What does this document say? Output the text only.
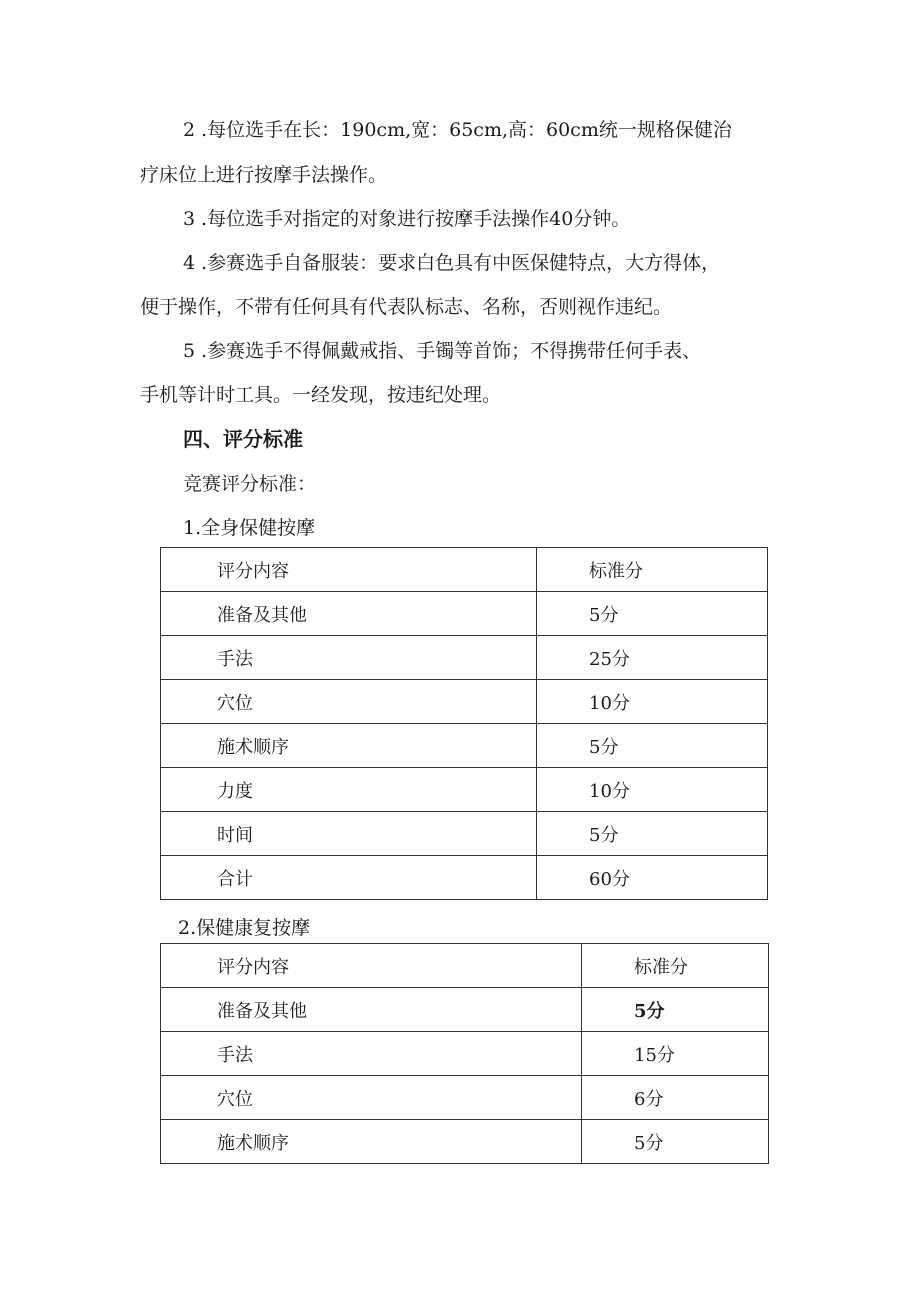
2 .每位选手在长：190cm,宽：65cm,高：60cm统一规格保健治
疗床位上进行按摩手法操作。
3 .每位选手对指定的对象进行按摩手法操作40分钟。
4 .参赛选手自备服装：要求白色具有中医保健特点，大方得体，
便于操作，不带有任何具有代表队标志、名称，否则视作违纪。
5 .参赛选手不得佩戴戒指、手镯等首饰；不得携带任何手表、
手机等计时工具。一经发现，按违纪处理。
四、评分标准
竞赛评分标准：
1.全身保健按摩
评分内容	标准分
准备及其他	5分
手法	25分
穴位	10分
施术顺序	5分
力度	10分
时间	5分
合计	60分
2.保健康复按摩
评分内容	标准分
准备及其他	5分
手法	15分
穴位	6分
施术顺序	5分
